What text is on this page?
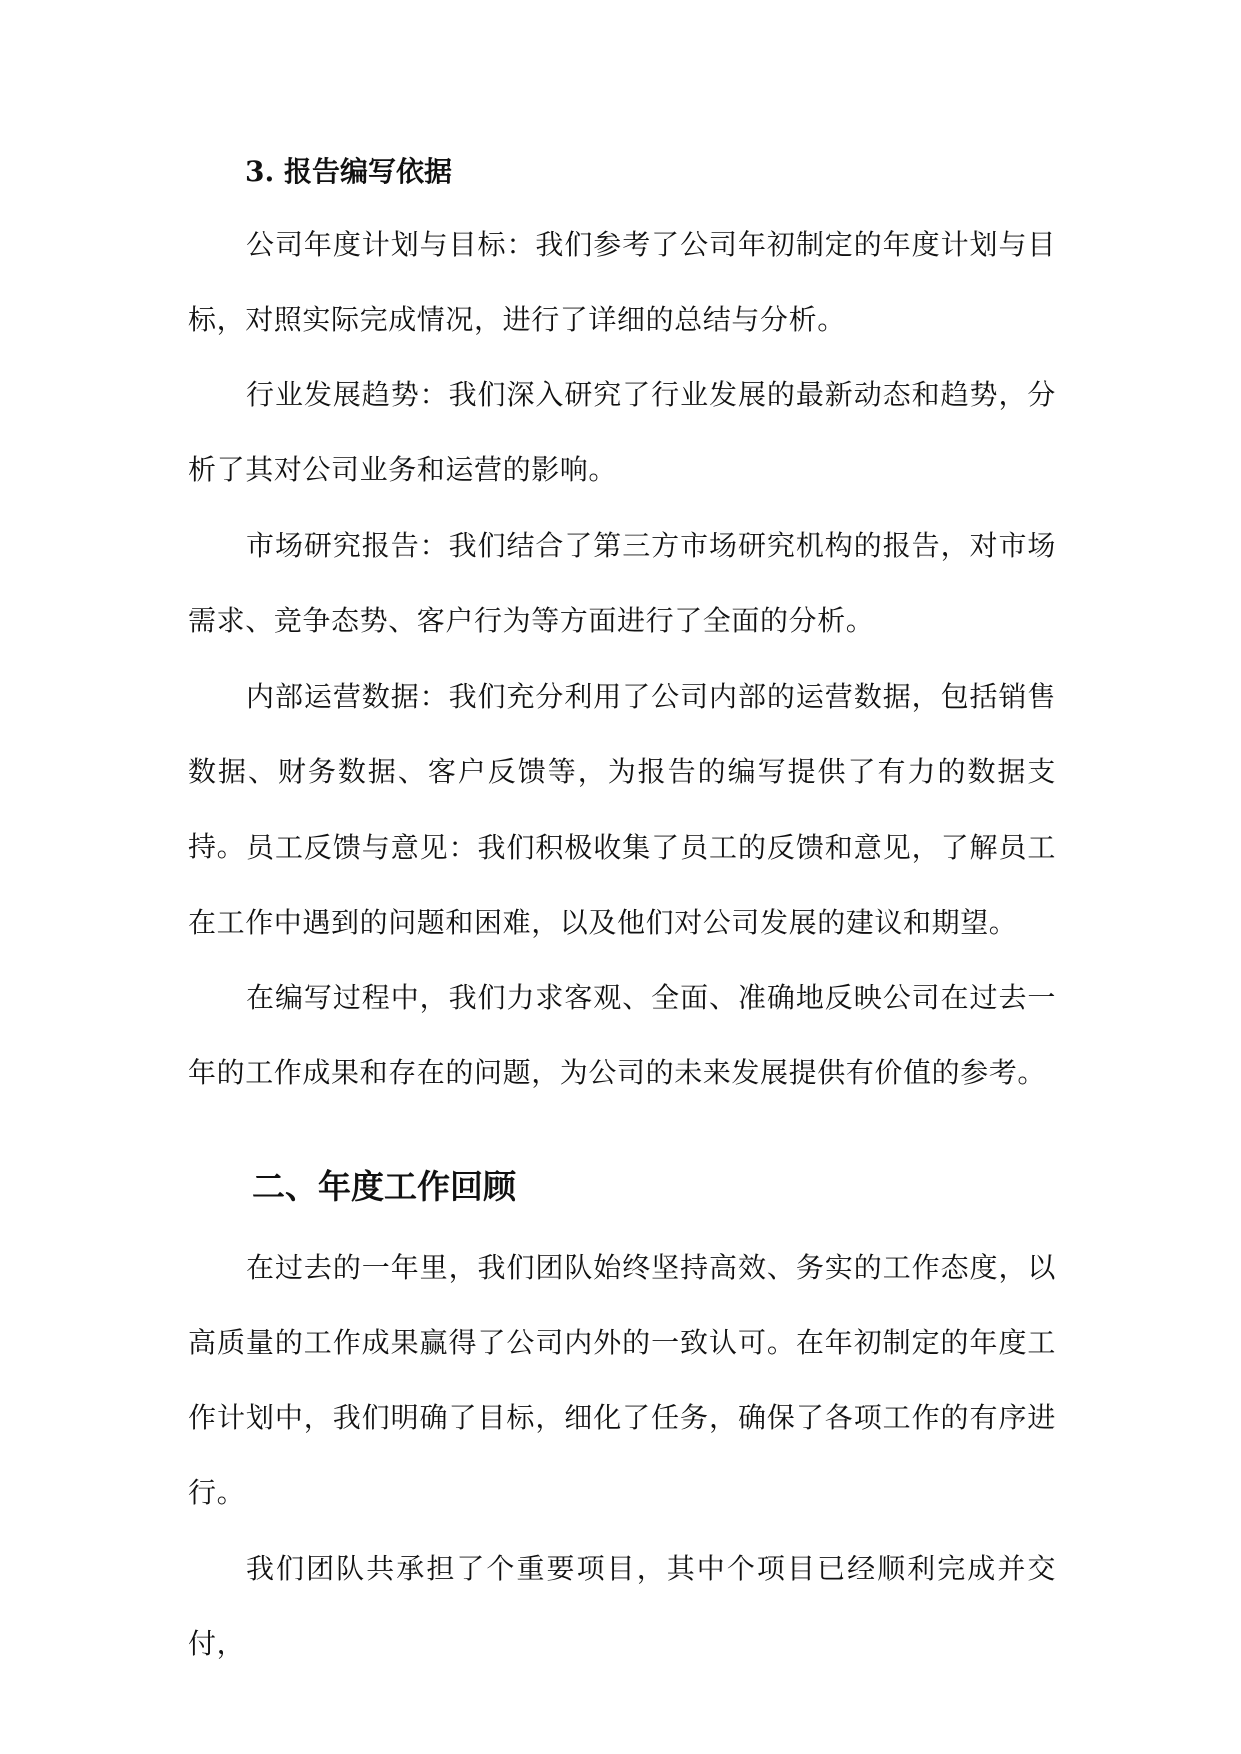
3. 报告编写依据

公司年度计划与目标：我们参考了公司年初制定的年度计划与目标，对照实际完成情况，进行了详细的总结与分析。

行业发展趋势：我们深入研究了行业发展的最新动态和趋势，分析了其对公司业务和运营的影响。

市场研究报告：我们结合了第三方市场研究机构的报告，对市场需求、竞争态势、客户行为等方面进行了全面的分析。

内部运营数据：我们充分利用了公司内部的运营数据，包括销售数据、财务数据、客户反馈等，为报告的编写提供了有力的数据支持。 员工反馈与意见：我们积极收集了员工的反馈和意见，了解员工在工作中遇到的问题和困难，以及他们对公司发展的建议和期望。

在编写过程中，我们力求客观、全面、准确地反映公司在过去一年的工作成果和存在的问题，为公司的未来发展提供有价值的参考。

二、年度工作回顾

在过去的一年里，我们团队始终坚持高效、务实的工作态度，以高质量的工作成果赢得了公司内外的一致认可。在年初制定的年度工作计划中，我们明确了目标，细化了任务，确保了各项工作的有序进行。

我们团队共承担了个重要项目，其中个项目已经顺利完成并交付，
